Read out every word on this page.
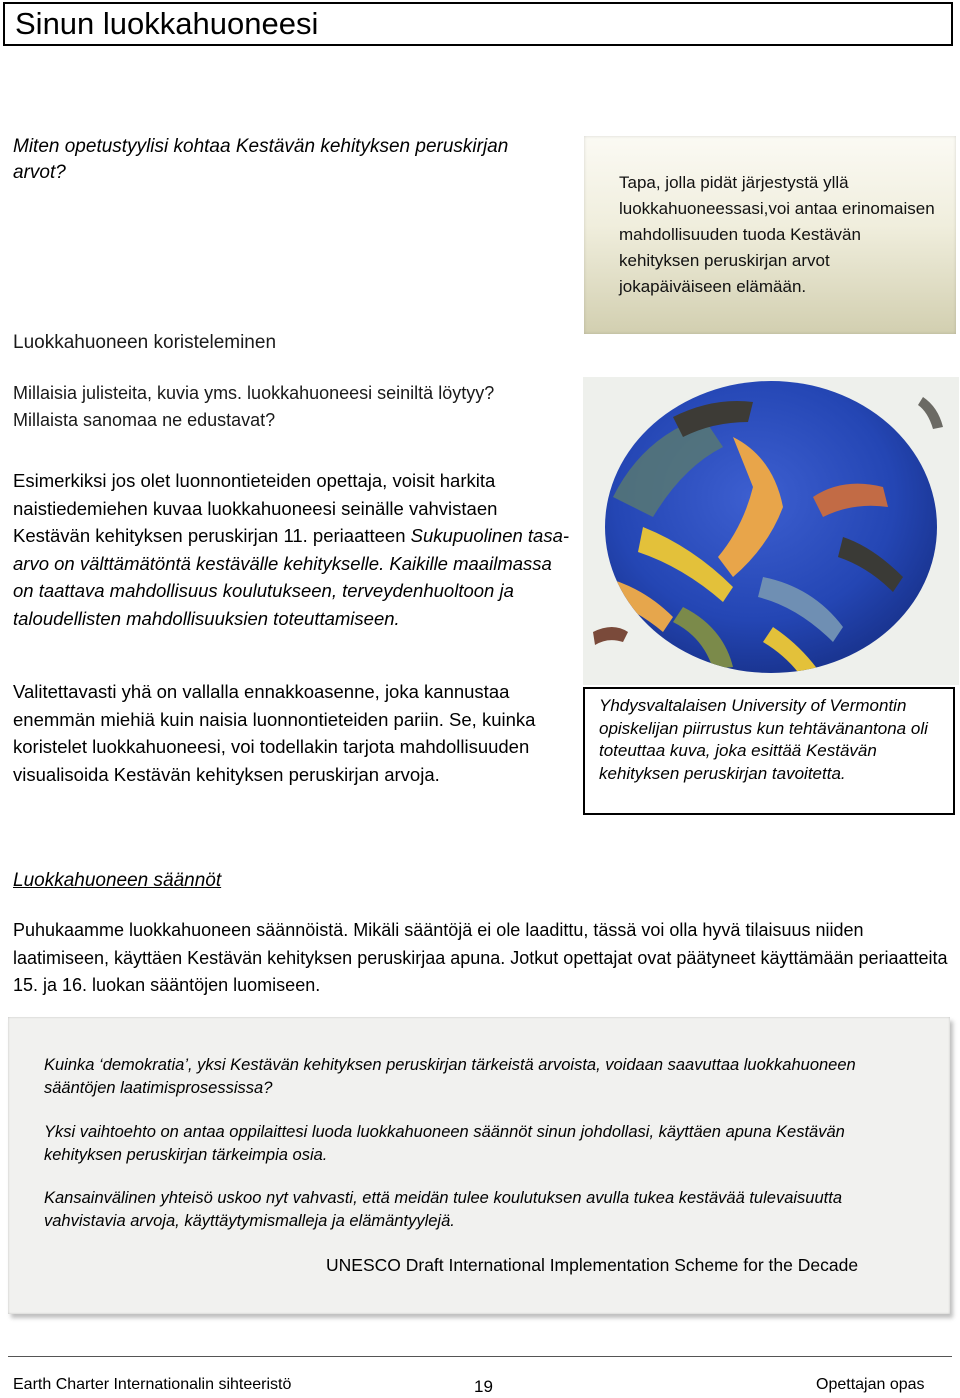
Sinun luokkahuoneesi
Miten opetustyylisi kohtaa Kestävän kehityksen peruskirjan arvot?	Tapa, jolla pidät järjestystä yllä luokkahuoneessasi,voi antaa erinomaisen mahdollisuuden tuoda Kestävän kehityksen peruskirjan arvot jokapäiväiseen elämään.
Luokkahuoneen koristeleminen
Millaisia julisteita, kuvia yms. luokkahuoneesi seiniltä löytyy? Millaista sanomaa ne edustavat?
Esimerkiksi jos olet luonnontieteiden opettaja, voisit harkita naistiedemiehen kuvaa luokkahuoneesi seinälle vahvistaen Kestävän kehityksen peruskirjan 11. periaatteen Sukupuolinen tasa-arvo on välttämätöntä kestävälle kehitykselle. Kaikille maailmassa on taattava mahdollisuus koulutukseen, terveydenhuoltoon ja taloudellisten mahdollisuuksien toteuttamiseen.
Valitettavasti yhä on vallalla ennakkoasenne, joka kannustaa enemmän miehiä kuin naisia luonnontieteiden pariin. Se, kuinka koristelet luokkahuoneesi, voi todellakin tarjota mahdollisuuden visualisoida Kestävän kehityksen peruskirjan arvoja.
Yhdysvaltalaisen University of Vermontin opiskelijan piirrustus kun tehtävänantona oli toteuttaa kuva, joka esittää Kestävän kehityksen peruskirjan tavoitetta.
Luokkahuoneen säännöt
Puhukaamme luokkahuoneen säännöistä. Mikäli sääntöjä ei ole laadittu, tässä voi olla hyvä tilaisuus niiden laatimiseen, käyttäen Kestävän kehityksen peruskirjaa apuna. Jotkut opettajat ovat päätyneet käyttämään periaatteita 15. ja 16. luokan sääntöjen luomiseen.
Kuinka ‘demokratia’, yksi Kestävän kehityksen peruskirjan tärkeistä arvoista, voidaan saavuttaa luokkahuoneen sääntöjen laatimisprosessissa?
Yksi vaihtoehto on antaa oppilaittesi luoda luokkahuoneen säännöt sinun johdollasi, käyttäen apuna Kestävän kehityksen peruskirjan tärkeimpia osia.
Kansainvälinen yhteisö uskoo nyt vahvasti, että meidän tulee koulutuksen avulla tukea kestävää tulevaisuutta vahvistavia arvoja, käyttäytymismalleja ja elämäntyylejä.
UNESCO Draft International Implementation Scheme for the Decade
Earth Charter Internationalin sihteeristö	19	Opettajan opas
